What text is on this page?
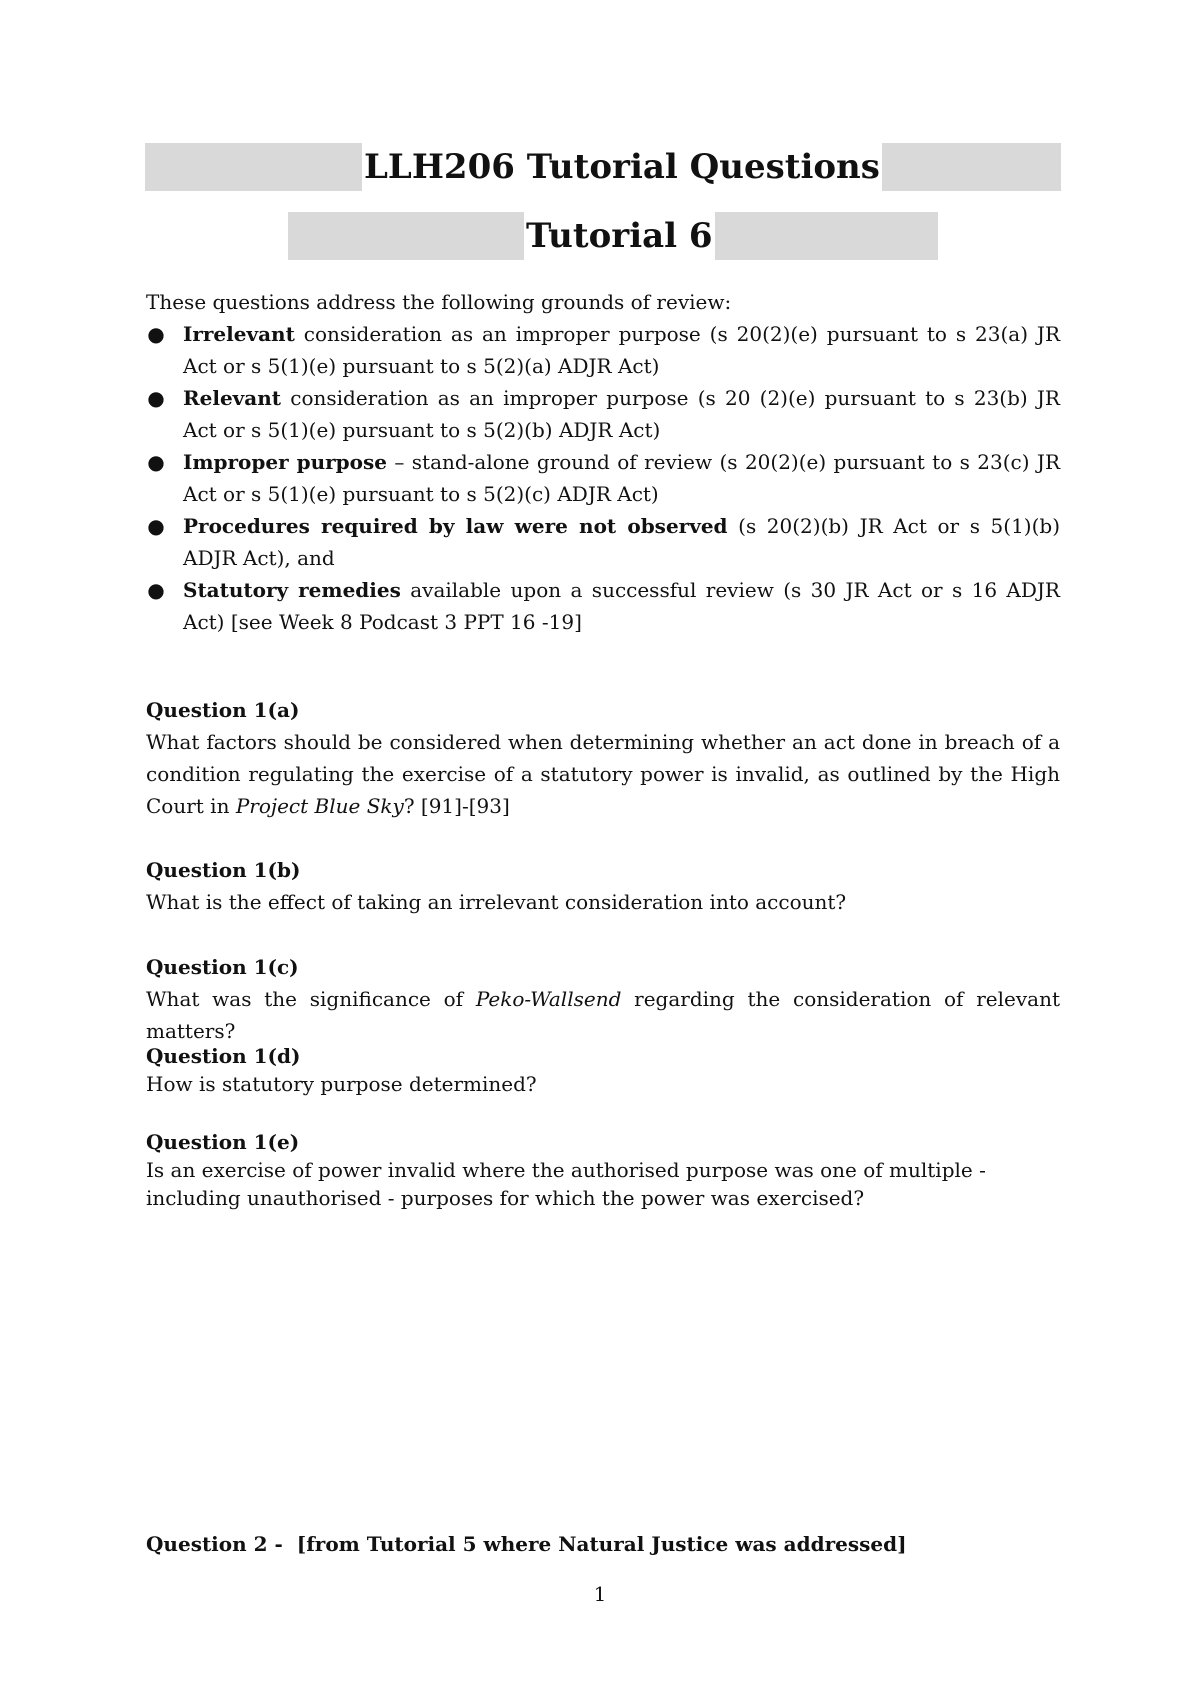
LLH206 Tutorial Questions
Tutorial 6
These questions address the following grounds of review:
● Irrelevant consideration as an improper purpose (s 20(2)(e) pursuant to s 23(a) JR Act or s 5(1)(e) pursuant to s 5(2)(a) ADJR Act)
● Relevant consideration as an improper purpose (s 20 (2)(e) pursuant to s 23(b) JR Act or s 5(1)(e) pursuant to s 5(2)(b) ADJR Act)
● Improper purpose – stand-alone ground of review (s 20(2)(e) pursuant to s 23(c) JR Act or s 5(1)(e) pursuant to s 5(2)(c) ADJR Act)
● Procedures required by law were not observed (s 20(2)(b) JR Act or s 5(1)(b) ADJR Act), and
● Statutory remedies available upon a successful review (s 30 JR Act or s 16 ADJR Act) [see Week 8 Podcast 3 PPT 16 -19]
Question 1(a)
What factors should be considered when determining whether an act done in breach of a condition regulating the exercise of a statutory power is invalid, as outlined by the High Court in Project Blue Sky? [91]-[93]
Question 1(b)
What is the effect of taking an irrelevant consideration into account?
Question 1(c)
What was the significance of Peko-Wallsend regarding the consideration of relevant matters?
Question 1(d)
How is statutory purpose determined?
Question 1(e)
Is an exercise of power invalid where the authorised purpose was one of multiple - including unauthorised - purposes for which the power was exercised?
Question 2 -  [from Tutorial 5 where Natural Justice was addressed]
1
